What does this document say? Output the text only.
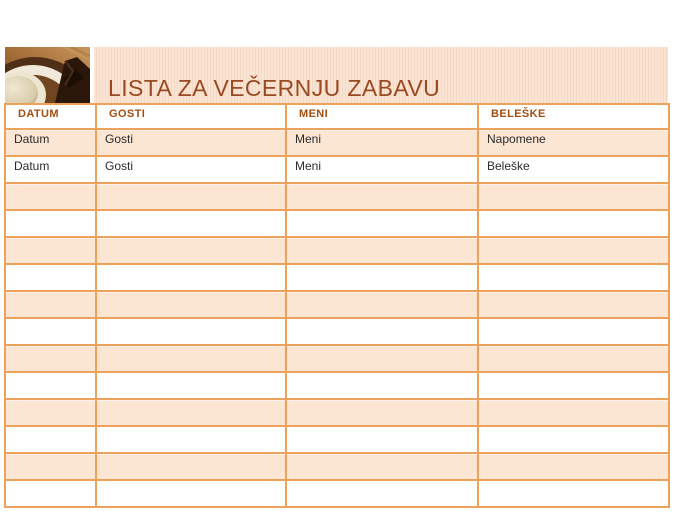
LISTA ZA VEČERNJU ZABAVU
DATUM	GOSTI	MENI	BELEŠKE
Datum	Gosti	Meni	Napomene
Datum	Gosti	Meni	Beleške
